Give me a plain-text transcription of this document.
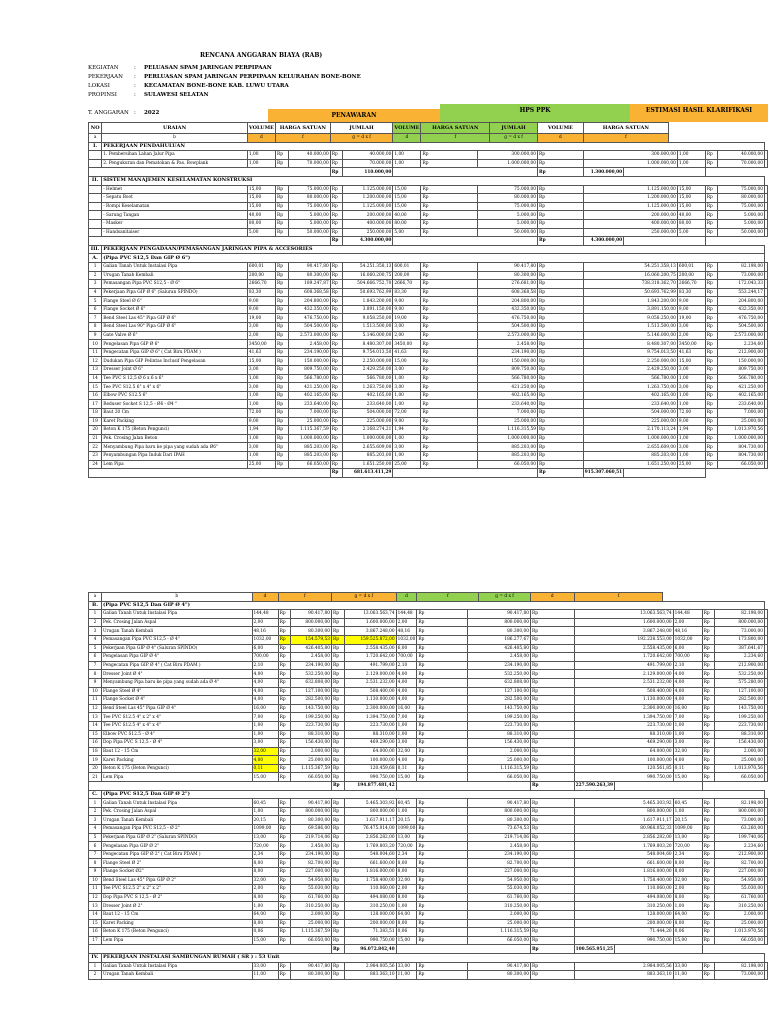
RENCANA ANGGARAN BIAYA (RAB)
KEGIATAN	: PELUASAN SPAM JARINGAN PERPIPAAN
PEKERJAAN : PERLUASAN SPAM JARINGAN PERPIPAAN KELURAHAN BONE-BONE
LOKASI	: KECAMATAN BONE-BONE KAB. LUWU UTARA
PROPINSI	: SULAWESI SELATAN
T. ANGGARAN : 2022	PENAWARAN
HPS PPK	ESTIMASI HASIL KLARIFIKASI
NO	URAIAN	VOLUME	HARGA SATUAN		JUMLAH		VOLUME	HARGA SATUAN		JUMLAH	VOLUME	HARGA SATUAN					
a	b	d	f		g = d x f		d	f		g = d x f	d	f					
I.	PEKERJAAN PENDAHULUAN																
	1. Pembersihan Lahan Jalur Pipa	1,00	Rp	40.000,00	Rp	40.000,00	1,00	Rp	300.000,00		Rp	300.000,00		1,00	Rp	40.000,00	
	2. Pengukuran dan Pematokan & Pas. Bowplank	1,00	Rp	70.000,00	Rp	70.000,00	1,00	Rp	1.000.000,00		Rp	1.000.000,00		1,00	Rp	70.000,00	
					Rp	110.000,00					Rp	1.300.000,00					
II.	SISTEM MANAJEMEN KESELAMATAN KONSTRUKSI																
	- Helmet	15,00	Rp	75.000,00	Rp	1.125.000,00	15,00	Rp	75.000,00		Rp	1.125.000,00		15,00	Rp	75.000,00	
	- Sepatu Boot	15,00	Rp	80.000,00	Rp	1.200.000,00	15,00	Rp	80.000,00		Rp	1.200.000,00		15,00	Rp	80.000,00	
	- Rompi Keselamatan	15,00	Rp	75.000,00	Rp	1.125.000,00	15,00	Rp	75.000,00		Rp	1.125.000,00		15,00	Rp	75.000,00	
	- Sarung Tangan	40,00	Rp	5.000,00	Rp	200.000,00	40,00	Rp	5.000,00		Rp	200.000,00		40,00	Rp	5.000,00	
	- Masker	80,00	Rp	5.000,00	Rp	400.000,00	80,00	Rp	5.000,00		Rp	400.000,00		80,00	Rp	5.000,00	
	- Handsanitaiser	5,00	Rp	50.000,00	Rp	250.000,00	5,00	Rp	50.000,00		Rp	250.000,00		5,00	Rp	50.000,00	
					Rp	4.300.000,00					Rp	4.300.000,00					
III.	PEKERJAAN PENGADAAN/PEMASANGAN JARINGAN PIPA & ACCESORIES																
A.	(Pipa PVC S12,5 Dan GIP Ø 6")																
1	Galian Tanah Untuk Instalasi Pipa	600,01	Rp	90.417,80	Rp	54.251.358,13	600,01	Rp	90.417,80		Rp	54.251.358,13		600,01	Rp	82.198,00	
2	Urugan Tanah Kembali	200,00	Rp	80.300,00	Rp	16.060.200,75	200,00	Rp	80.300,00		Rp	16.060.200,75		200,00	Rp	73.000,00	
3	Pemasangan Pipa PVC S12,5 - Ø 6"	2666,70	Rp	189.247,87	Rp	504.666.752,70	2666,70	Rp	276.681,00		Rp	738.318.362,70		2666,70	Rp	172.043,33	
4	Pekerjaan Pipa GIP Ø 6" (Saluran SPINDO)	83,30	Rp	608.368,58	Rp	50.693.762,99	83,30	Rp	608.368,58		Rp	50.693.762,99		83,30	Rp	553.244,17	
5	Flange Steel Ø 6"	9,00	Rp	204.800,00	Rp	1.843.200,00	9,00	Rp	204.800,00		Rp	1.843.200,00		9,00	Rp	204.800,00	
6	Flange Socket Ø 6"	9,00	Rp	432.350,00	Rp	3.891.150,00	9,00	Rp	432.350,00		Rp	3.891.150,00		9,00	Rp	432.350,00	
7	Bend Steel Las 45° Pipa GIP Ø 6"	19,00	Rp	476.750,00	Rp	9.058.250,00	19,00	Rp	476.750,00		Rp	9.058.250,00		19,00	Rp	476.750,00	
8	Bend Steel Las 90° Pipa GIP Ø 6"	3,00	Rp	504.500,00	Rp	1.513.500,00	3,00	Rp	504.500,00		Rp	1.513.500,00		3,00	Rp	504.500,00	
9	Gate Valve Ø 6"	2,00	Rp	2.573.000,00	Rp	5.146.000,00	2,00	Rp	2.573.000,00		Rp	5.146.000,00		2,00	Rp	2.573.000,00	
10	Pengelasan Pipa GIP Ø 6"	3450,00	Rp	2.458,00	Rp	8.480.307,00	3450,00	Rp	2.458,00		Rp	8.480.307,00		3450,00	Rp	2.234,60	
11	Pengecatan Pipa GIP Ø 6" ( Cat Biru PDAM )	41,63	Rp	234.190,00	Rp	9.754.013,50	41,63	Rp	234.190,00		Rp	9.754.013,50		41,63	Rp	212.900,00	
12	Dudukan Pipa GIP Pelintas Inclusif Pengelasan	15,00	Rp	150.000,00	Rp	2.250.000,00	15,00	Rp	150.000,00		Rp	2.250.000,00		15,00	Rp	150.000,00	
13	Dresser Joint Ø 6"	3,00	Rp	809.750,00	Rp	2.429.250,00	3,00	Rp	809.750,00		Rp	2.429.250,00		3,00	Rp	809.750,00	
14	Tee PVC S 12,5 Ø 6 x 6 x 6"	1,00	Rp	566.780,00	Rp	566.780,00	1,00	Rp	566.780,00		Rp	566.780,00		1,00	Rp	566.780,00	
15	Tee PVC S12.5 6" x 4" x 6"	3,00	Rp	421.250,00	Rp	1.263.750,00	3,00	Rp	421.250,00		Rp	1.263.750,00		3,00	Rp	421.250,00	
16	Elbow PVC S12.5 6"	1,00	Rp	402.165,00	Rp	402.165,00	1,00	Rp	402.165,00		Rp	402.165,00		1,00	Rp	402.165,00	
17	Reduser Socket S 12,5 - Ø6 - Ø4 "	1,00	Rp	233.640,00	Rp	233.640,00	1,00	Rp	233.640,00		Rp	233.640,00		1,00	Rp	233.640,00	
18	Baut 20 Cm	72,00	Rp	7.000,00	Rp	504.000,00	72,00	Rp	7.000,00		Rp	504.000,00		72,00	Rp	7.000,00	
19	Karet Packing	9,00	Rp	25.000,00	Rp	225.000,00	9,00	Rp	25.000,00		Rp	225.000,00		9,00	Rp	25.000,00	
20	Beton K 175 (Beton Pengunci)	1,94	Rp	1.115.367,59	Rp	2.168.274,21	1,94	Rp	1.116.315,59		Rp	2.170.113,24		1,94	Rp	1.013.970,56	
21	Pek. Crosing Jalan Beton	1,00	Rp	1.000.000,00	Rp	1.000.000,00	1,00	Rp	1.000.000,00		Rp	1.000.000,00		1,00	Rp	1.000.000,00	
22	Menyambung Pipa baru ke pipa yang sudah ada Ø6"	3,00	Rp	885.203,00	Rp	2.655.609,00	3,00	Rp	885.203,00		Rp	2.655.609,00		3,00	Rp	804.730,00	
23	Penyambungan Pipa Induk Dari IPAH	1,00	Rp	885.203,00	Rp	885.203,00	1,00	Rp	885.203,00		Rp	885.203,00		1,00	Rp	804.730,00	
24	Lem Pipa	25,00	Rp	66.050,00	Rp	1.651.250,00	25,00	Rp	66.050,00		Rp	1.651.250,00		25,00	Rp	66.050,00	
					Rp	681.613.411,29					Rp	915.307.060,51					
a	b	d	f		g = d x f		d	f		g = d x f	d	f					
B.	(Pipa PVC S12,5 Dan GIP Ø 4")																
1	Galian Tanah Untuk Instalasi Pipa	144,48	Rp	90.417,80	Rp	13.063.563,74	144,48	Rp	90.417,80		Rp	13.063.563,74		144,48	Rp	82.198,00	
2	Pek. Crosing Jalan Aspal	2,00	Rp	800.000,00	Rp	1.600.000,00	2,00	Rp	800.000,00		Rp	1.600.000,00		2,00	Rp	800.000,00	
3	Urugan Tanah Kembali	48,16	Rp	80.300,00	Rp	3.867.248,00	48,16	Rp	80.300,00		Rp	3.867.248,00		48,16	Rp	73.000,00	
4	Pemasangan Pipa PVC S12,5 - Ø 4"	1032,00	Rp	154.579,53	Rp	159.525.872,00	1032,00	Rp	186.277,67		Rp	192.238.553,00		1032,00	Rp	173.800,00	
5	Pekerjaan Pipa GIP Ø 4" (Saluran SPINDO)	6,00	Rp	426.405,80	Rp	2.558.435,00	6,00	Rp	426.405,80		Rp	2.558.435,00		6,00	Rp	387.641,67	
6	Pengelasan Pipa GIP Ø 4"	700,00	Rp	2.458,00	Rp	1.720.642,00	700,00	Rp	2.458,00		Rp	1.720.642,00		700,00	Rp	2.234,60	
7	Pengecatan Pipa GIP Ø 4" ( Cat Biru PDAM )	2,10	Rp	234.190,00	Rp	491.799,00	2,10	Rp	234.190,00		Rp	491.799,00		2,10	Rp	212.900,00	
8	Dresser Joint Ø 4"	4,00	Rp	532.250,00	Rp	2.129.000,00	4,00	Rp	532.250,00		Rp	2.129.000,00		4,00	Rp	532.250,00	
9	Menyambung Pipa baru ke pipa yang sudah ada Ø 4"	4,00	Rp	632.808,00	Rp	2.531.232,00	4,00	Rp	632.808,00		Rp	2.531.232,00		4,00	Rp	575.280,00	
10	Flange Steel Ø 4"	4,00	Rp	127.100,00	Rp	508.400,00	4,00	Rp	127.100,00		Rp	508.400,00		4,00	Rp	127.100,00	
11	Flange Socket Ø 4"	4,00	Rp	282.500,00	Rp	1.130.000,00	4,00	Rp	282.500,00		Rp	1.130.000,00		4,00	Rp	282.500,00	
12	Bend Steel Las 45° Pipa GIP Ø 4"	16,00	Rp	143.750,00	Rp	2.300.000,00	16,00	Rp	143.750,00		Rp	2.300.000,00		16,00	Rp	143.750,00	
13	Tee PVC S12.5 4" x 2" x 4"	7,00	Rp	199.250,00	Rp	1.394.750,00	7,00	Rp	199.250,00		Rp	1.394.750,00		7,00	Rp	199.250,00	
14	Tee PVC S12.5 4" x 4" x 4"	1,00	Rp	223.730,00	Rp	223.730,00	1,00	Rp	223.730,00		Rp	223.730,00		1,00	Rp	223.730,00	
15	Elbow PVC S12.5 - Ø 4"	1,00	Rp	88.310,00	Rp	88.310,00	1,00	Rp	88.310,00		Rp	88.310,00		1,00	Rp	88.310,00	
16	Dop Pipa PVC S 12,5 - Ø 4"	3,00	Rp	156.430,00	Rp	469.290,00	3,00	Rp	156.430,00		Rp	469.290,00		3,00	Rp	156.430,00	
18	Baut 12 - 15 Cm	32,00	Rp	2.000,00	Rp	64.000,00	32,00	Rp	2.000,00		Rp	64.000,00		32,00	Rp	2.000,00	
19	Karet Packing	4,00	Rp	25.000,00	Rp	100.000,00	4,00	Rp	25.000,00		Rp	100.000,00		4,00	Rp	25.000,00	
20	Beton K 175 (Beton Pengunci)	0,11	Rp	1.115.367,59	Rp	120.459,68	0,11	Rp	1.116.315,59		Rp	120.561,85		0,11	Rp	1.013.970,56	
21	Lem Pipa	15,00	Rp	66.050,00	Rp	990.750,00	15,00	Rp	66.050,00		Rp	990.750,00		15,00	Rp	66.050,00	
					Rp	194.877.481,42					Rp	227.590.263,39					
C.	(Pipa PVC S12,5 Dan GIP Ø 2")																
1	Galian Tanah Untuk Instalasi Pipa	60,45	Rp	90.417,80	Rp	5.465.303,92	60,45	Rp	90.417,80		Rp	5.465.303,92		60,45	Rp	82.198,00	
2	Pek. Crosing Jalan Aspal	1,00	Rp	800.000,00	Rp	800.000,00	1,00	Rp	800.000,00		Rp	800.000,00		1,00	Rp	800.000,00	
3	Urugan Tanah Kembali	20,15	Rp	80.300,00	Rp	1.617.911,17	20,15	Rp	80.300,00		Rp	1.617.911,17		20,15	Rp	73.000,00	
4	Pemasangan Pipa PVC S12,5 - Ø 2"	1099,00	Rp	69.586,00	Rp	76.475.014,00	1099,00	Rp	73.674,53		Rp	80.968.052,33		1099,00	Rp	63.260,00	
5	Pekerjaan Pipa GIP Ø 2" (Saluran SPINDO)	13,00	Rp	219.714,06	Rp	2.856.282,00	13,00	Rp	219.714,06		Rp	2.856.282,00		13,00	Rp	199.740,06	
6	Pengelasan Pipa GIP Ø 2"	720,00	Rp	2.458,00	Rp	1.769.803,20	720,00	Rp	2.458,00		Rp	1.769.803,20		720,00	Rp	2.234,60	
7	Pengecatan Pipa GIP Ø 2" ( Cat Biru PDAM )	2,34	Rp	234.190,00	Rp	548.004,60	2,34	Rp	234.190,00		Rp	548.004,60		2,34	Rp	212.900,00	
8	Flange Steel Ø 2"	8,00	Rp	82.700,00	Rp	661.600,00	8,00	Rp	82.700,00		Rp	661.600,00		8,00	Rp	82.700,00	
9	Flange Socket Ø2"	8,00	Rp	227.000,00	Rp	1.816.000,00	8,00	Rp	227.000,00		Rp	1.816.000,00		8,00	Rp	227.000,00	
10	Bend Steel Las 45° Pipa GIP Ø 2"	32,00	Rp	54.950,00	Rp	1.758.400,00	32,00	Rp	54.950,00		Rp	1.758.400,00		32,00	Rp	54.950,00	
11	Tee PVC S12.5 2" x 2" x 2"	2,00	Rp	55.030,00	Rp	110.060,00	2,00	Rp	55.030,00		Rp	110.060,00		2,00	Rp	55.030,00	
12	Dop Pipa PVC S 12,5 - Ø 2"	8,00	Rp	61.760,00	Rp	494.080,00	8,00	Rp	61.760,00		Rp	494.080,00		8,00	Rp	61.760,00	
13	Dresser Joint Ø 2"	1,00	Rp	310.250,00	Rp	310.250,00	1,00	Rp	310.250,00		Rp	310.250,00		1,00	Rp	310.250,00	
14	Baut 12 - 15 Cm	64,00	Rp	2.000,00	Rp	128.000,00	64,00	Rp	2.000,00		Rp	128.000,00		64,00	Rp	2.000,00	
15	Karet Packing	8,00	Rp	25.000,00	Rp	200.000,00	8,00	Rp	25.000,00		Rp	200.000,00		8,00	Rp	25.000,00	
16	Beton K 175 (Beton Pengunci)	0,06	Rp	1.115.367,59	Rp	71.383,51	0,06	Rp	1.116.315,59		Rp	71.444,20		0,06	Rp	1.013.970,56	
17	Lem Pipa	15,00	Rp	66.050,00	Rp	990.750,00	15,00	Rp	66.050,00		Rp	990.750,00		15,00	Rp	66.050,00	
					Rp	96.072.842,40					Rp	100.565.951,25					
IV.	PEKERJAAN INSTALASI SAMBUNGAN RUMAH ( SR ) : 53 Unit																
1	Galian Tanah Untuk Instalasi Pipa	33,00	Rp	90.417,80	Rp	2.984.005,56	33,00	Rp	90.417,80		Rp	2.984.005,56		33,00	Rp	82.198,00	
2	Urugan Tanah Kembali	11,00	Rp	80.300,00	Rp	883.363,10	11,00	Rp	80.300,00		Rp	883.363,10		11,00	Rp	73.000,00	
